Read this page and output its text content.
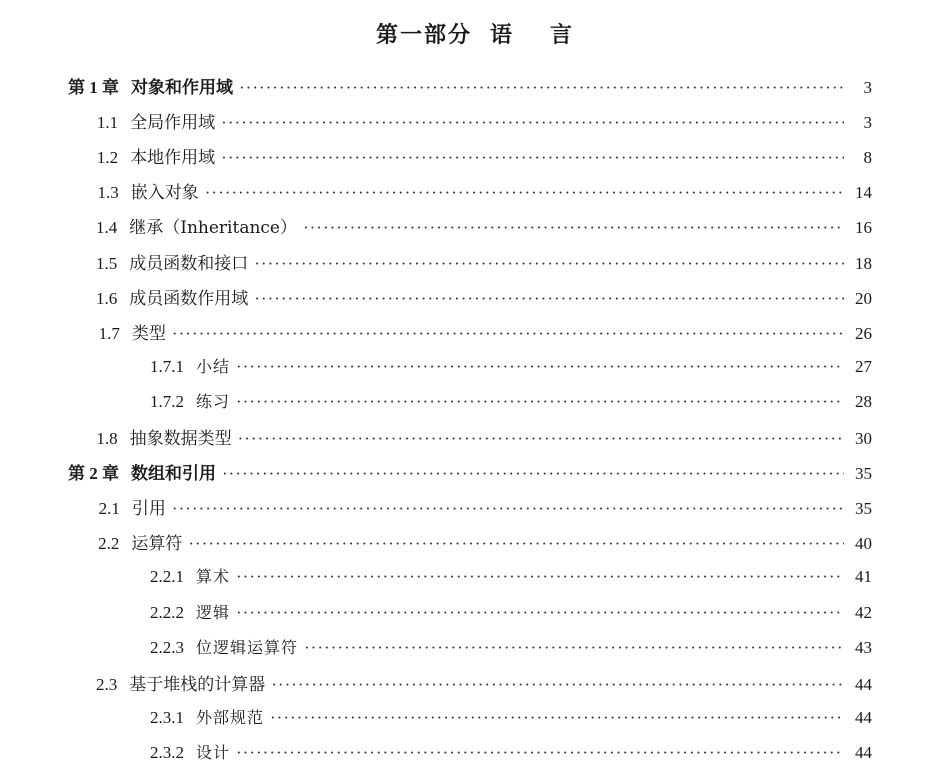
第一部分 语 言
第 1 章 对象和作用域 ·····	3
1.1 全局作用域 ·····	3
1.2 本地作用域 ·····	8
1.3 嵌入对象 ·····	14
1.4 继承（Inheritance） ·····	16
1.5 成员函数和接口 ·····	18
1.6 成员函数作用域 ·····	20
1.7 类型 ·····	26
1.7.1 小结 ·····	27
1.7.2 练习 ·····	28
1.8 抽象数据类型 ·····	30
第 2 章 数组和引用 ·····	35
2.1 引用 ·····	35
2.2 运算符 ·····	40
2.2.1 算术 ·····	41
2.2.2 逻辑 ·····	42
2.2.3 位逻辑运算符 ·····	43
2.3 基于堆栈的计算器 ·····	44
2.3.1 外部规范 ·····	44
2.3.2 设计 ·····	44
